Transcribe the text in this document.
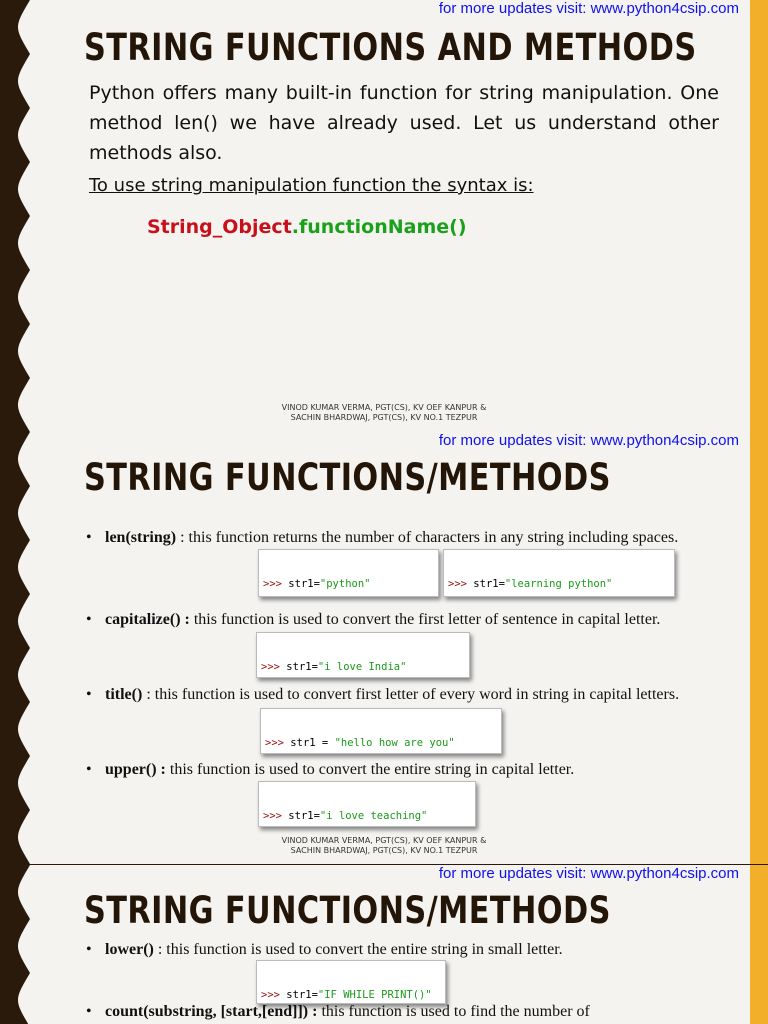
for more updates visit: www.python4csip.com
STRING FUNCTIONS AND METHODS

Python offers many built-in function for string manipulation. One method len() we have already used. Let us understand other methods also.

To use string manipulation function the syntax is:
String_Object.functionName()
VINOD KUMAR VERMA, PGT(CS), KV OEF KANPUR &
SACHIN BHARDWAJ, PGT(CS), KV NO.1 TEZPUR
for more updates visit: www.python4csip.com
STRING FUNCTIONS/METHODS
• len(string) : this function returns the number of characters in any string including spaces.

>>> str1="python"

	>>> str1="learning python"

• capitalize() : this function is used to convert the first letter of sentence in capital letter.

>>> str1="i love India"

• title() : this function is used to convert first letter of every word in string in capital letters.

>>> str1 = "hello how are you"

• upper() : this function is used to convert the entire string in capital letter.

>>> str1="i love teaching"

VINOD KUMAR VERMA, PGT(CS), KV OEF KANPUR &
SACHIN BHARDWAJ, PGT(CS), KV NO.1 TEZPUR
for more updates visit: www.python4csip.com
STRING FUNCTIONS/METHODS
• lower() : this function is used to convert the entire string in small letter.

>>> str1="IF WHILE PRINT()"

• count(substring, [start,[end]]) : this function is used to find the number of
